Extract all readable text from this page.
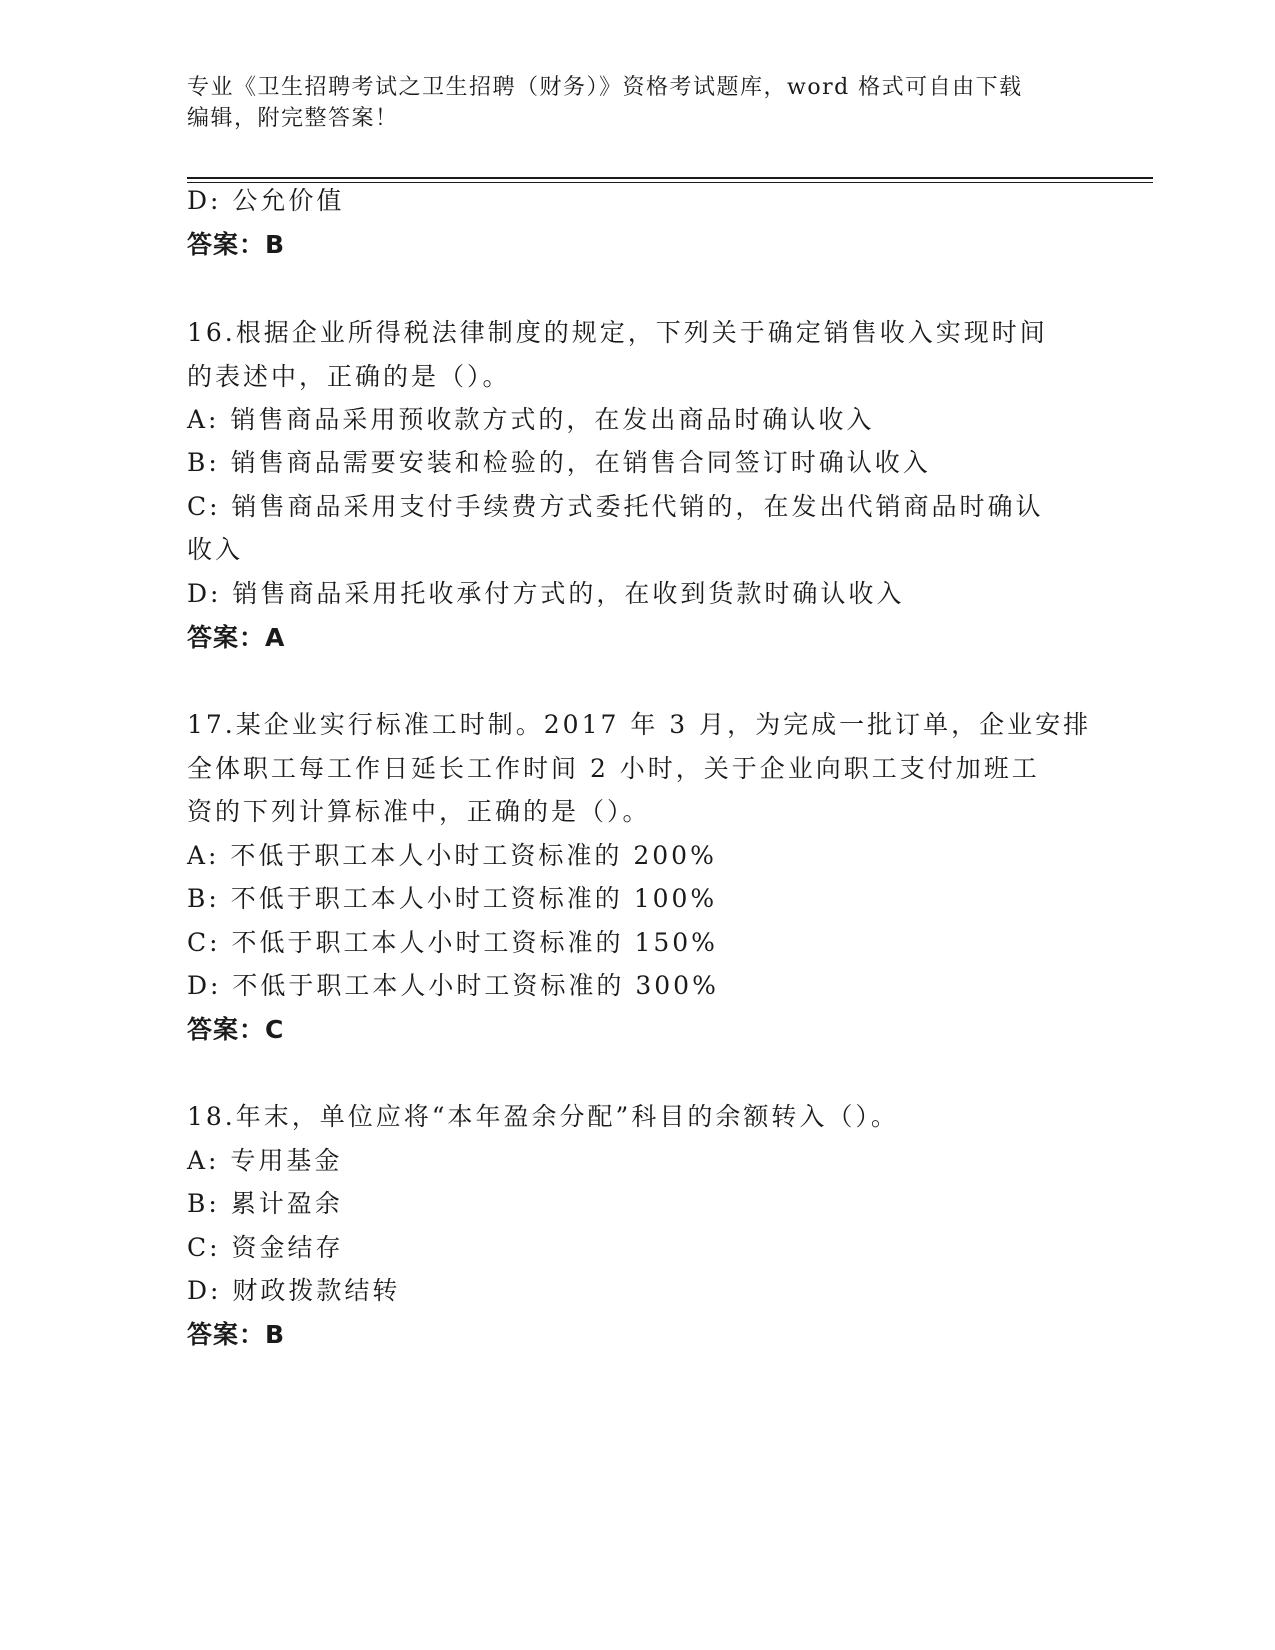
专业《卫生招聘考试之卫生招聘（财务）》资格考试题库，word 格式可自由下载
编辑，附完整答案！
D: 公允价值
答案：B
16.根据企业所得税法律制度的规定，下列关于确定销售收入实现时间
的表述中，正确的是（）。
A: 销售商品采用预收款方式的，在发出商品时确认收入
B: 销售商品需要安装和检验的，在销售合同签订时确认收入
C: 销售商品采用支付手续费方式委托代销的，在发出代销商品时确认
收入
D: 销售商品采用托收承付方式的，在收到货款时确认收入
答案：A
17.某企业实行标准工时制。2017 年 3 月，为完成一批订单，企业安排
全体职工每工作日延长工作时间 2 小时，关于企业向职工支付加班工
资的下列计算标准中，正确的是（）。
A: 不低于职工本人小时工资标准的 200%
B: 不低于职工本人小时工资标准的 100%
C: 不低于职工本人小时工资标准的 150%
D: 不低于职工本人小时工资标准的 300%
答案：C
18.年末，单位应将“本年盈余分配”科目的余额转入（）。
A: 专用基金
B: 累计盈余
C: 资金结存
D: 财政拨款结转
答案：B
